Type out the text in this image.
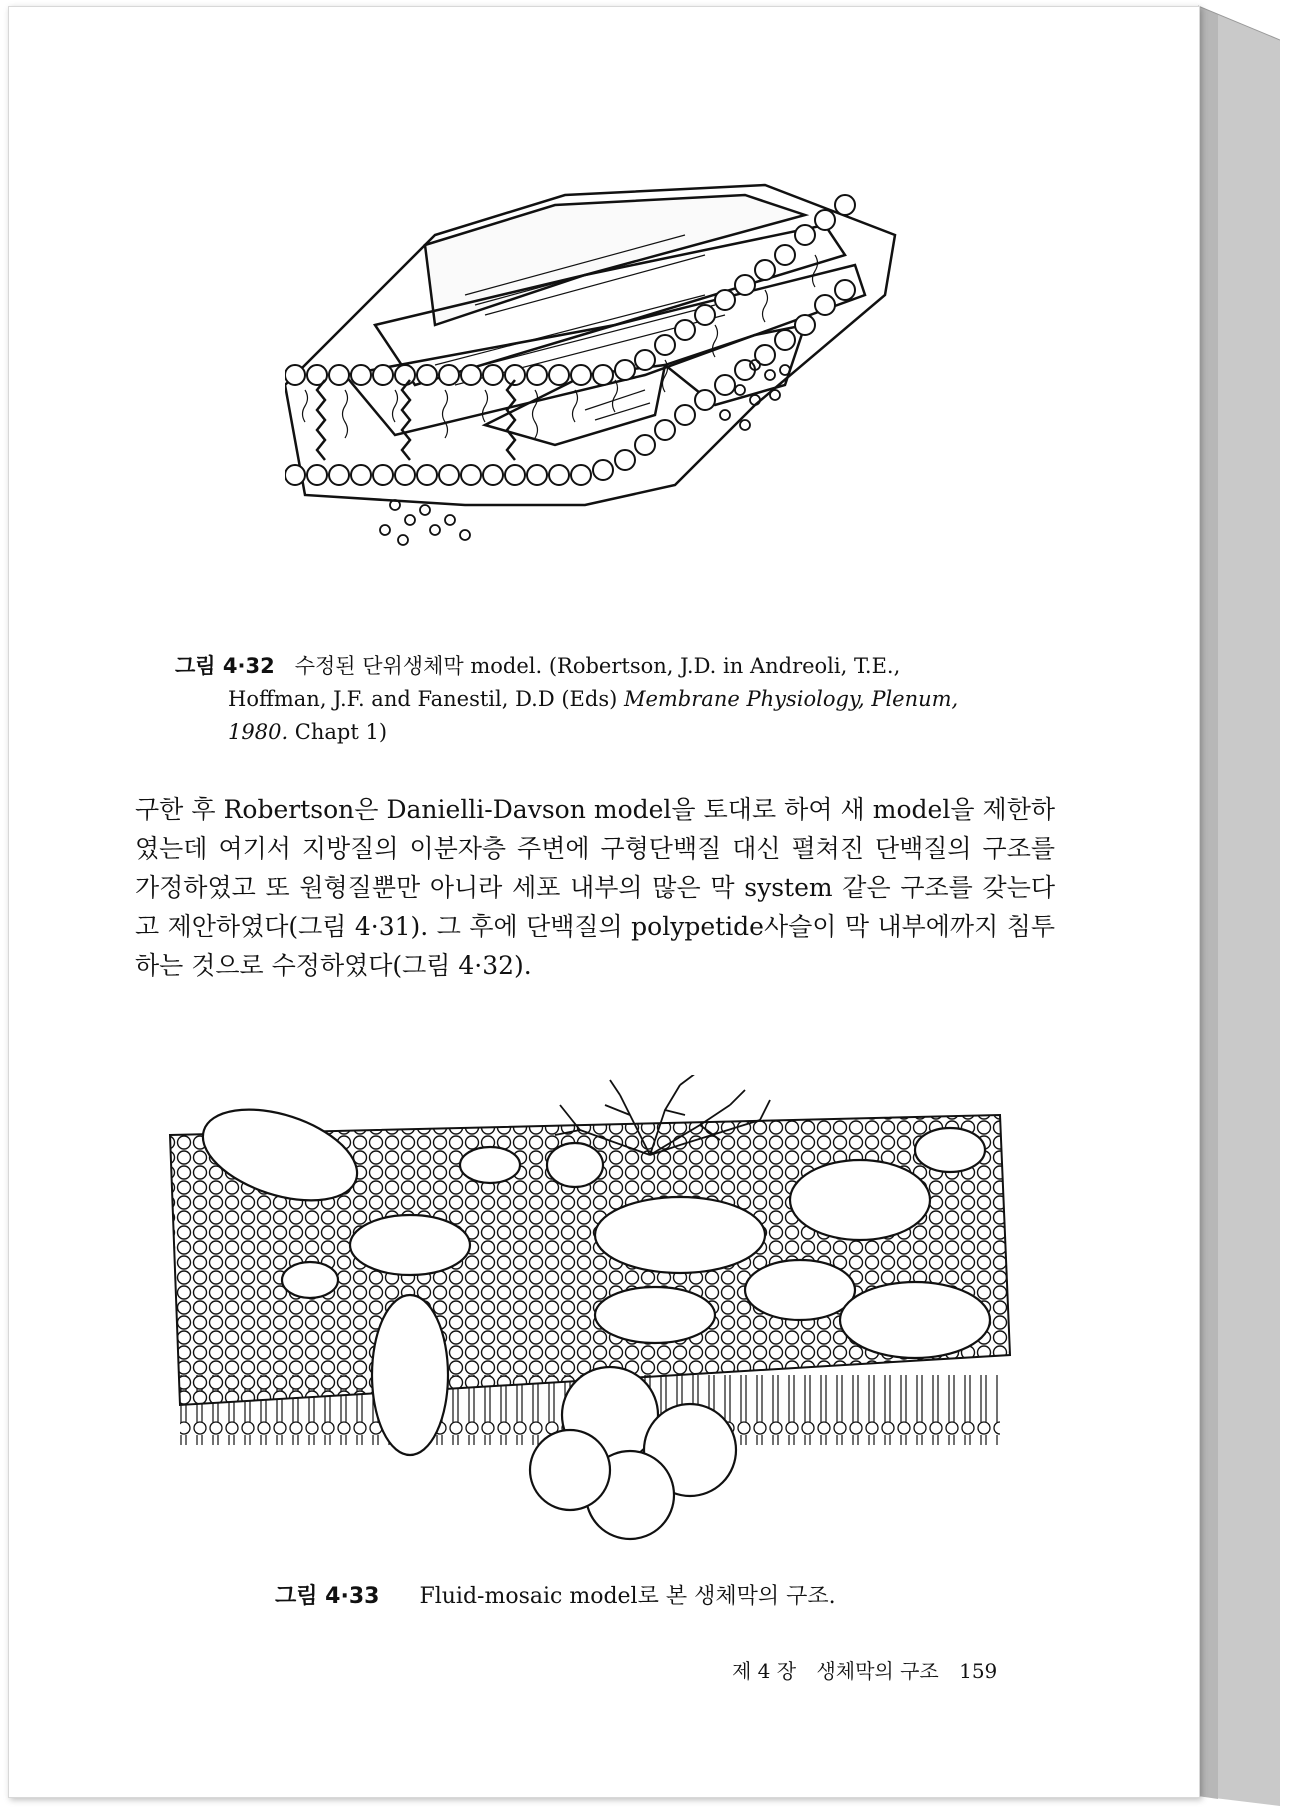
그림 4·32 수정된 단위생체막 model. (Robertson, J.D. in Andreoli, T.E.,
Hoffman, J.F. and Fanestil, D.D (Eds) Membrane Physiology, Plenum,
1980. Chapt 1)

구한 후 Robertson은 Danielli-Davson model을 토대로 하여 새 model을 제한하였는데 여기서 지방질의 이분자층 주변에 구형단백질 대신 펼쳐진 단백질의 구조를 가정하였고 또 원형질뿐만 아니라 세포 내부의 많은 막 system 같은 구조를 갖는다고 제안하였다(그림 4·31). 그 후에 단백질의 polypetide사슬이 막 내부에까지 침투하는 것으로 수정하였다(그림 4·32).

그림 4·33 Fluid-mosaic model로 본 생체막의 구조.
제 4 장 생체막의 구조 159
